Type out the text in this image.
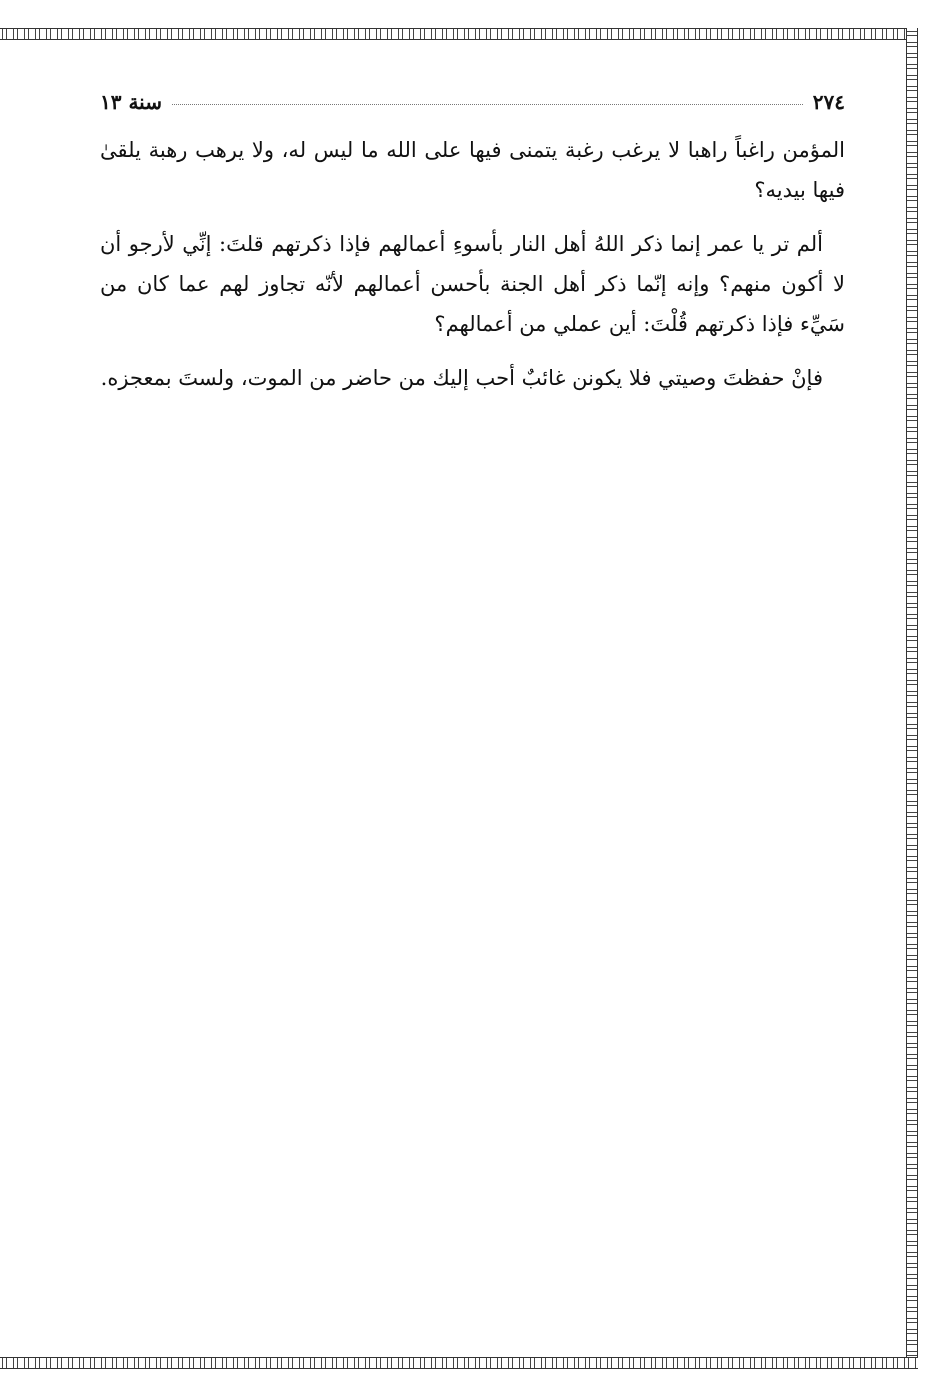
٢٧٤
سنة ١٣

المؤمن راغباً راهبا لا يرغب رغبة يتمنى فيها على الله ما ليس له، ولا يرهب رهبة يلقىٰ فيها بيديه؟

ألم تر يا عمر إنما ذكر اللهُ أهل النار بأسوءِ أعمالهم فإذا ذكرتهم قلتَ: إنِّي لأرجو أن لا أكون منهم؟ وإنه إنّما ذكر أهل الجنة بأحسن أعمالهم لأنّه تجاوز لهم عما كان من سَيِّء فإذا ذكرتهم قُلْتَ: أين عملي من أعمالهم؟

فإنْ حفظتَ وصيتي فلا يكونن غائبٌ أحب إليك من حاضر من الموت، ولستَ بمعجزه.
